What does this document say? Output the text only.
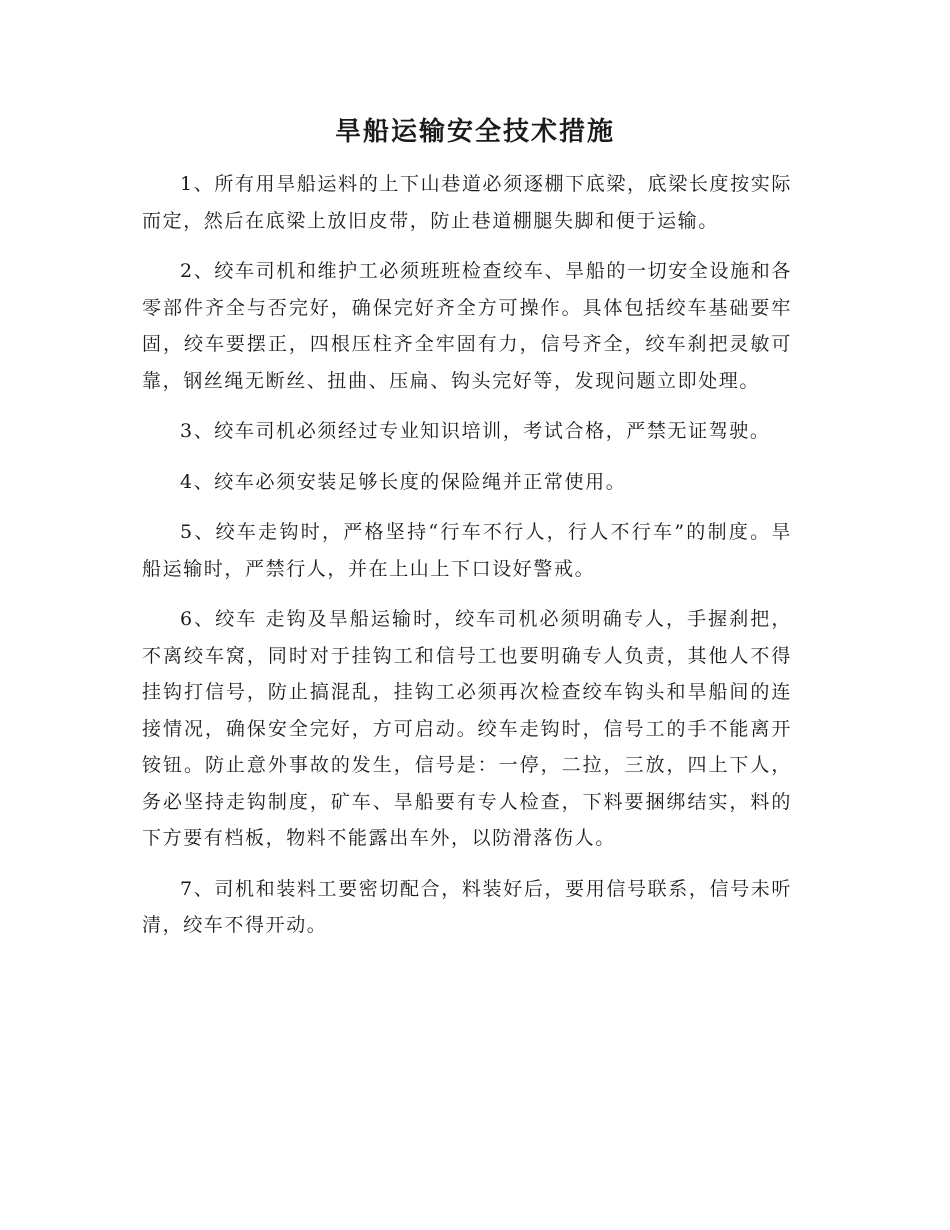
旱船运输安全技术措施

1、所有用旱船运料的上下山巷道必须逐棚下底梁，底梁长度按实际而定，然后在底梁上放旧皮带，防止巷道棚腿失脚和便于运输。

2、绞车司机和维护工必须班班检查绞车、旱船的一切安全设施和各零部件齐全与否完好，确保完好齐全方可操作。具体包括绞车基础要牢固，绞车要摆正，四根压柱齐全牢固有力，信号齐全，绞车刹把灵敏可靠，钢丝绳无断丝、扭曲、压扁、钩头完好等，发现问题立即处理。

3、绞车司机必须经过专业知识培训，考试合格，严禁无证驾驶。

4、绞车必须安装足够长度的保险绳并正常使用。

5、绞车走钩时，严格坚持“行车不行人，行人不行车”的制度。旱船运输时，严禁行人，并在上山上下口设好警戒。

6、绞车 走钩及旱船运输时，绞车司机必须明确专人，手握刹把，不离绞车窝，同时对于挂钩工和信号工也要明确专人负责，其他人不得挂钩打信号，防止搞混乱，挂钩工必须再次检查绞车钩头和旱船间的连接情况，确保安全完好，方可启动。绞车走钩时，信号工的手不能离开铵钮。防止意外事故的发生，信号是：一停，二拉，三放，四上下人，务必坚持走钩制度，矿车、旱船要有专人检查，下料要捆绑结实，料的下方要有档板，物料不能露出车外，以防滑落伤人。

7、司机和装料工要密切配合，料装好后，要用信号联系，信号未听清，绞车不得开动。
